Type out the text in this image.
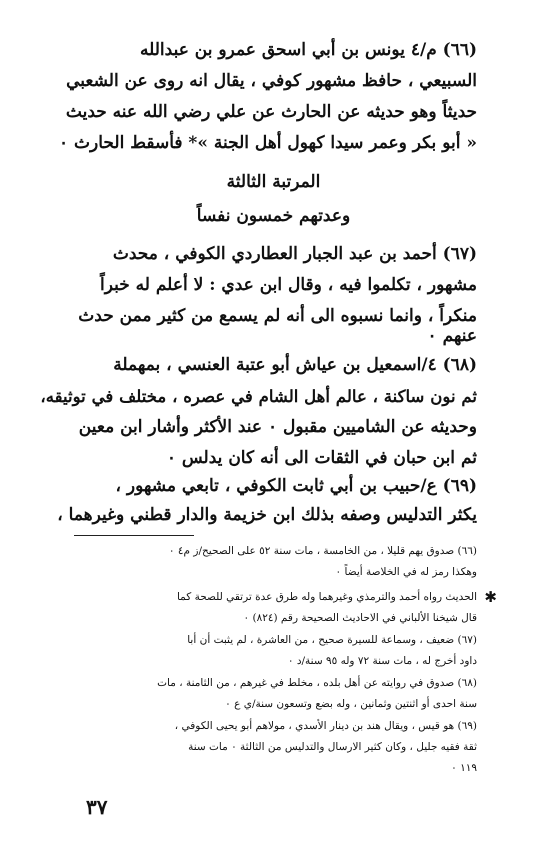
(٦٦) م/٤ يونس بن أبي اسحق عمرو بن عبدالله
السبيعي ، حافظ مشهور كوفي ، يقال انه روى عن الشعبي
حديثاً وهو حديثه عن الحارث عن علي رضي الله عنه حديث
« أبو بكر وعمر سيدا كهول أهل الجنة »* فأسقط الحارث ٠
المرتبة الثالثة
وعدتهم خمسون نفساً
(٦٧) أحمد بن عبد الجبار العطاردي الكوفي ، محدث
مشهور ، تكلموا فيه ، وقال ابن عدي : لا أعلم له خبراً
منكراً ، وانما نسبوه الى أنه لم يسمع من كثير ممن حدث
عنهم ٠
(٦٨) ٤/اسمعيل بن عياش أبو عتبة العنسي ، بمهملة
ثم نون ساكنة ، عالم أهل الشام في عصره ، مختلف في توثيقه،
وحديثه عن الشاميين مقبول ٠ عند الأكثر وأشار ابن معين
ثم ابن حبان في الثقات الى أنه كان يدلس ٠
(٦٩) ع/حبيب بن أبي ثابت الكوفي ، تابعي مشهور ،
يكثر التدليس وصفه بذلك ابن خزيمة والدار قطني وغيرهما ،
(٦٦) صدوق يهم قليلا ، من الخامسة ، مات سنة ٥٢ على الصحيح/ز م٤ ٠
وهكذا رمز له في الخلاصة أيضاً ٠
✱
الحديث رواه أحمد والترمذي وغيرهما وله طرق عدة ترتقي للصحة كما
قال شيخنا الألباني في الاحاديث الصحيحة رقم (٨٢٤) ٠
(٦٧) ضعيف ، وسماعة للسيرة صحيح ، من العاشرة ، لم يثبت أن أبا
داود أخرج له ، مات سنة ٧٢ وله ٩٥ سنة/د ٠
(٦٨) صدوق في روايته عن أهل بلده ، مخلط في غيرهم ، من الثامنة ، مات
سنة احدى أو اثنتين وثمانين ، وله بضع وتسعون سنة/ي ع ٠
(٦٩) هو قيس ، ويقال هند بن دينار الأسدي ، مولاهم أبو يحيى الكوفي ،
ثقة فقيه جليل ، وكان كثير الارسال والتدليس من الثالثة ٠ مات سنة
١١٩ ٠
٣٧
